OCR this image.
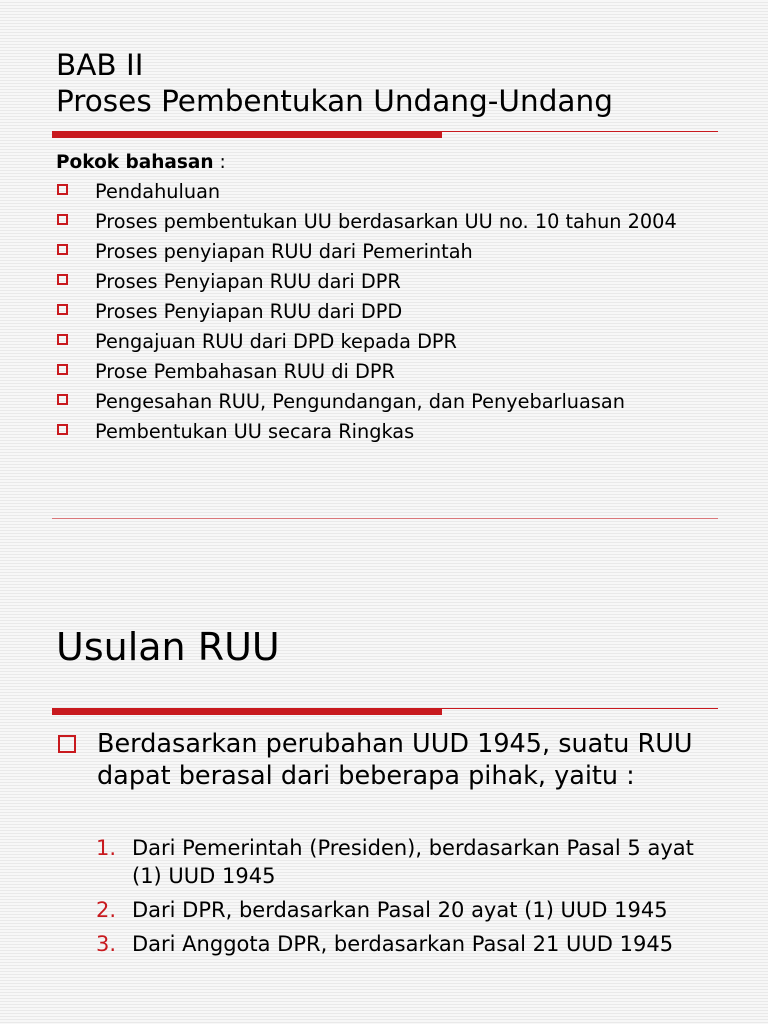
BAB II
Proses Pembentukan Undang-Undang
Pokok bahasan :
Pendahuluan
Proses pembentukan UU berdasarkan UU no. 10 tahun 2004
Proses penyiapan RUU dari Pemerintah
Proses Penyiapan RUU dari DPR
Proses Penyiapan RUU dari DPD
Pengajuan RUU dari DPD kepada DPR
Prose Pembahasan RUU di DPR
Pengesahan RUU, Pengundangan, dan Penyebarluasan
Pembentukan UU secara Ringkas
Usulan RUU
Berdasarkan perubahan UUD 1945, suatu RUU dapat berasal dari beberapa pihak, yaitu :
1. Dari Pemerintah (Presiden), berdasarkan Pasal 5 ayat (1) UUD 1945
2. Dari DPR, berdasarkan Pasal 20 ayat (1) UUD 1945
3. Dari Anggota DPR, berdasarkan Pasal 21 UUD 1945
